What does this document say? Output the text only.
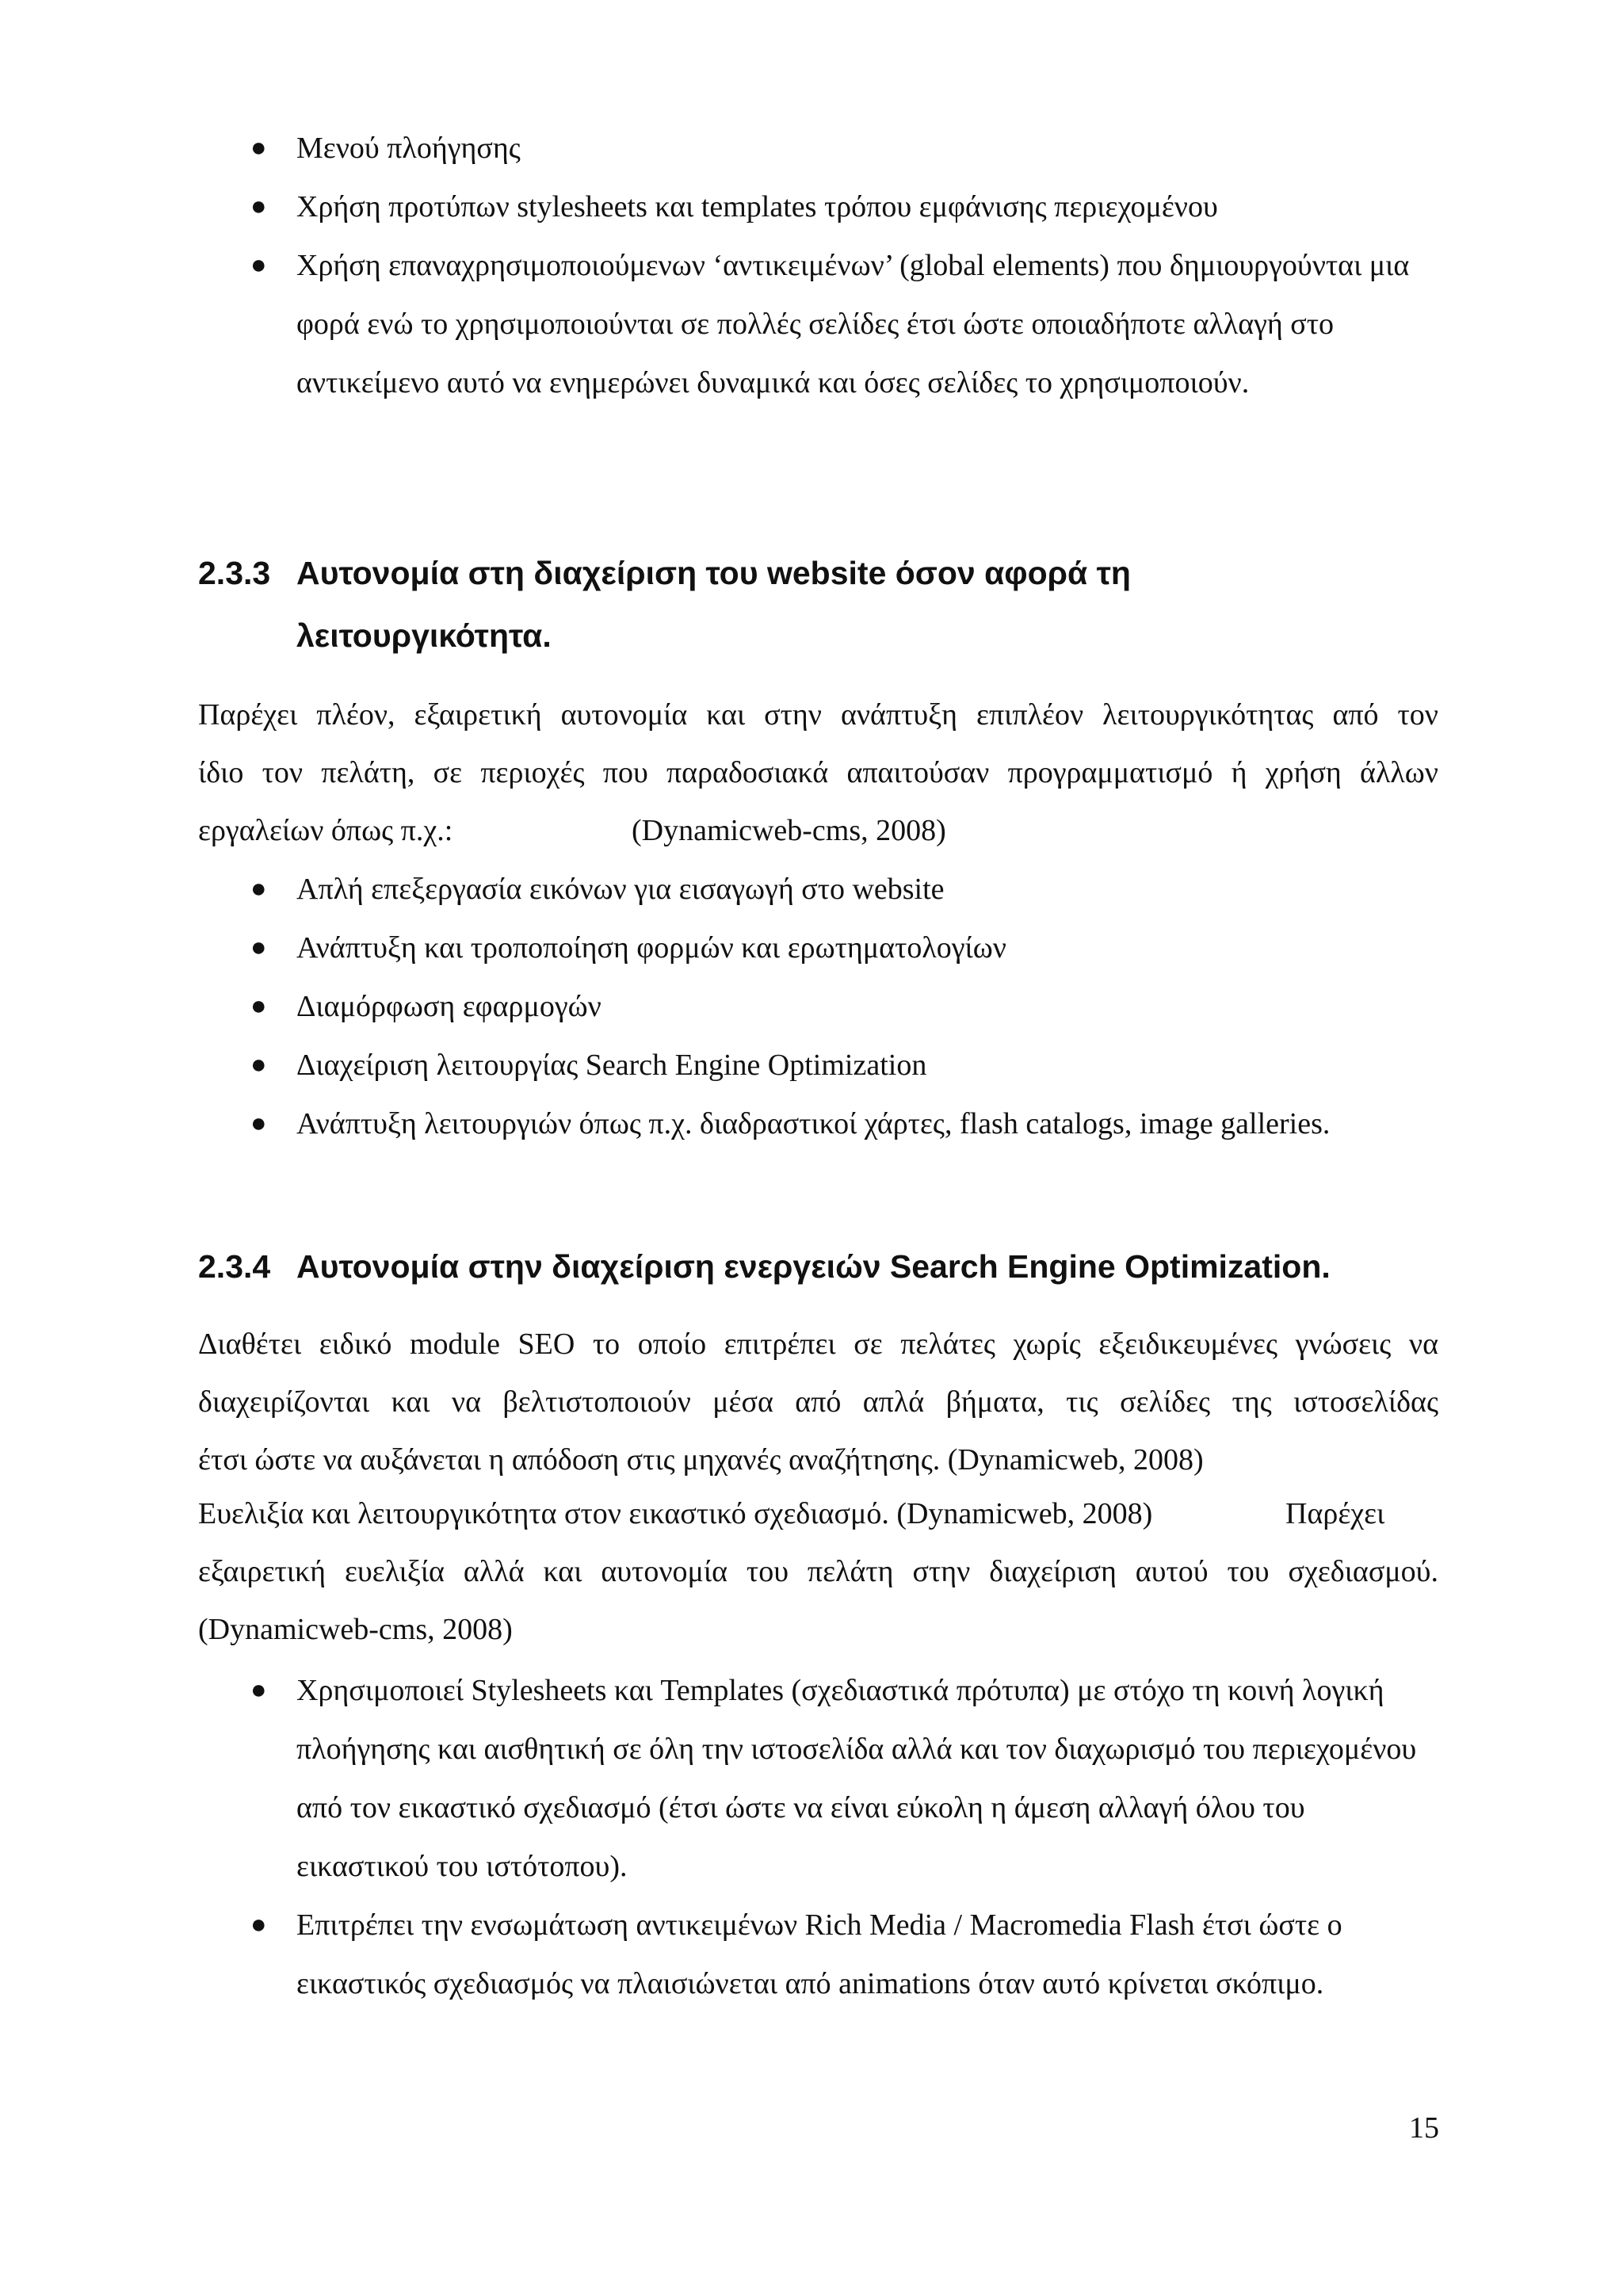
● Μενού πλοήγησης
● Χρήση προτύπων stylesheets και templates τρόπου εμφάνισης περιεχομένου
● Χρήση επαναχρησιμοποιούμενων ‘αντικειμένων’ (global elements) που δημιουργούνται μια φορά ενώ το χρησιμοποιούνται σε πολλές σελίδες έτσι ώστε οποιαδήποτε αλλαγή στο αντικείμενο αυτό να ενημερώνει δυναμικά και όσες σελίδες το χρησιμοποιούν.
2.3.3 Αυτονομία στη διαχείριση του website όσον αφορά τη
λειτουργικότητα.

Παρέχει πλέον, εξαιρετική αυτονομία και στην ανάπτυξη επιπλέον λειτουργικότητας από τον
ίδιο τον πελάτη, σε περιοχές που παραδοσιακά απαιτούσαν προγραμματισμό ή χρήση άλλων
εργαλείων όπως π.χ.:	(Dynamicweb-cms, 2008)

● Απλή επεξεργασία εικόνων για εισαγωγή στο website
● Ανάπτυξη και τροποποίηση φορμών και ερωτηματολογίων
● Διαμόρφωση εφαρμογών
● Διαχείριση λειτουργίας Search Engine Optimization
● Ανάπτυξη λειτουργιών όπως π.χ. διαδραστικοί χάρτες, flash catalogs, image galleries.
2.3.4 Αυτονομία στην διαχείριση ενεργειών Search Engine Optimization.

Διαθέτει ειδικό module SEO το οποίο επιτρέπει σε πελάτες χωρίς εξειδικευμένες γνώσεις να
διαχειρίζονται και να βελτιστοποιούν μέσα από απλά βήματα, τις σελίδες της ιστοσελίδας
έτσι ώστε να αυξάνεται η απόδοση στις μηχανές αναζήτησης. (Dynamicweb, 2008)

Ευελιξία και λειτουργικότητα στον εικαστικό σχεδιασμό. (Dynamicweb, 2008)	Παρέχει
εξαιρετική ευελιξία αλλά και αυτονομία του πελάτη στην διαχείριση αυτού του σχεδιασμού.
(Dynamicweb-cms, 2008)

● Χρησιμοποιεί Stylesheets και Templates (σχεδιαστικά πρότυπα) με στόχο τη κοινή λογική πλοήγησης και αισθητική σε όλη την ιστοσελίδα αλλά και τον διαχωρισμό του περιεχομένου από τον εικαστικό σχεδιασμό (έτσι ώστε να είναι εύκολη η άμεση αλλαγή όλου του εικαστικού του ιστότοπου).
● Επιτρέπει την ενσωμάτωση αντικειμένων Rich Media / Macromedia Flash έτσι ώστε ο εικαστικός σχεδιασμός να πλαισιώνεται από animations όταν αυτό κρίνεται σκόπιμο.
15
